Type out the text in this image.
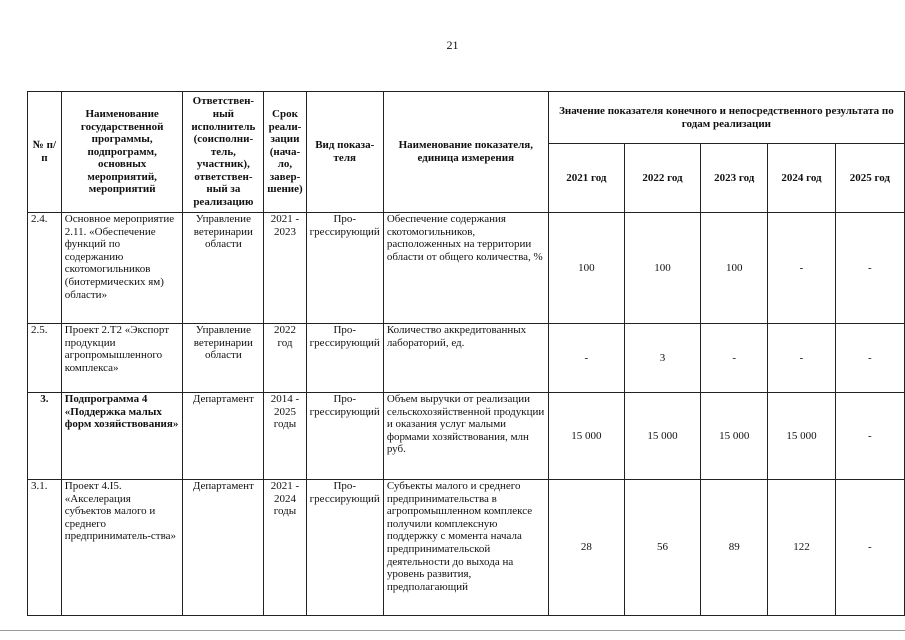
21
№ п/п	Наименование государственной программы, подпрограмм, основных мероприятий, мероприятий	Ответствен-ный исполнитель (соисполни-тель, участник), ответствен-ный за реализацию	Срок реали-зации (нача-ло, завер-шение)	Вид показа-теля	Наименование показателя, единица измерения	Значение показателя конечного и непосредственного результата по годам реализации				
						2021 год	2022 год	2023 год	2024 год	2025 год
2.4.	Основное мероприятие 2.11. «Обеспечение функций по содержанию скотомогильников (биотермических ям) области»	Управление ветеринарии области	2021 - 2023	Про-грессирующий	Обеспечение содержания скотомогильников, расположенных на территории области от общего количества, %	100	100	100	-	-
2.5.	Проект 2.Т2 «Экспорт продукции агропромышленного комплекса»	Управление ветеринарии области	2022 год	Про-грессирующий	Количество аккредитованных лабораторий, ед.	-	3	-	-	-
3.	Подпрограмма 4 «Поддержка малых форм хозяйствования»	Департамент	2014 - 2025 годы	Про-грессирующий	Объем выручки от реализации сельскохозяйственной продукции и оказания услуг малыми формами хозяйствования, млн руб.	15 000	15 000	15 000	15 000	-
3.1.	Проект 4.I5. «Акселерация субъектов малого и среднего предприниматель-ства»	Департамент	2021 - 2024 годы	Про-грессирующий	Субъекты малого и среднего предпринимательства в агропромышленном комплексе получили комплексную поддержку с момента начала предпринимательской деятельности до выхода на уровень развития, предполагающий	28	56	89	122	-
